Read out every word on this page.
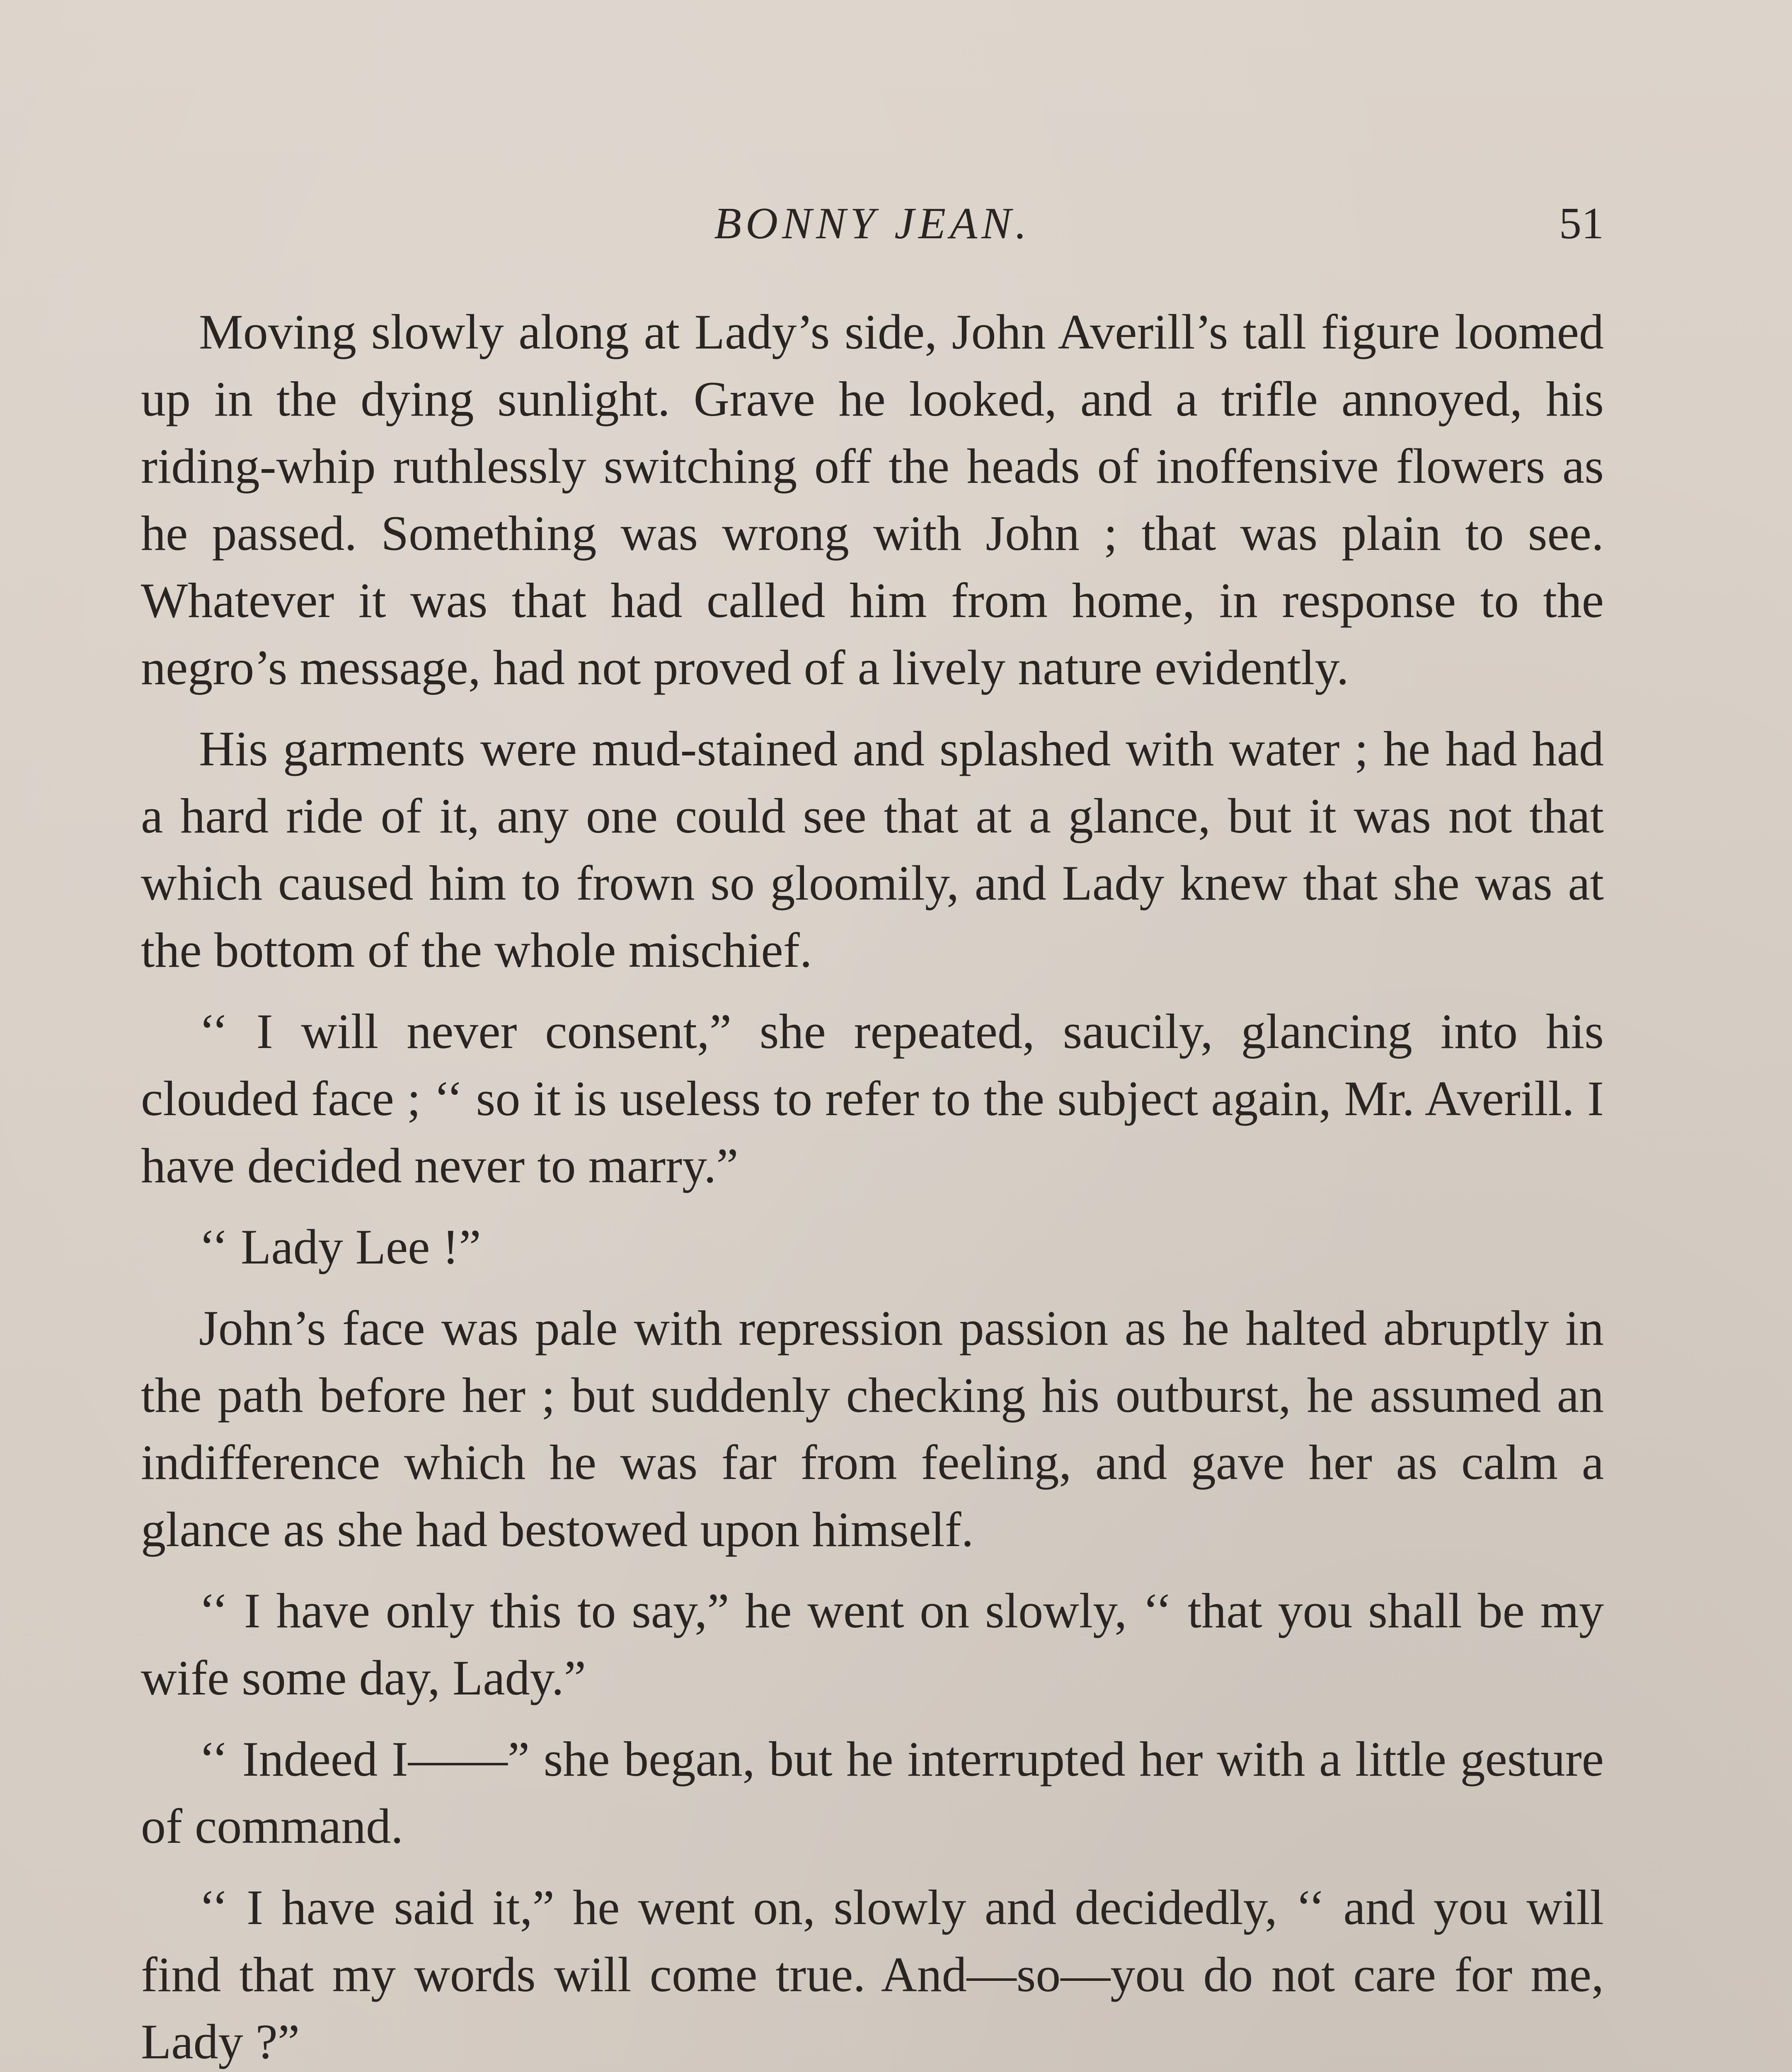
BONNY JEAN.	51

Moving slowly along at Lady’s side, John Averill’s tall figure loomed up in the dying sunlight. Grave he looked, and a trifle annoyed, his riding-whip ruthlessly switching off the heads of inoffensive flowers as he passed. Something was wrong with John ; that was plain to see. Whatever it was that had called him from home, in response to the negro’s message, had not proved of a lively nature evidently.

His garments were mud-stained and splashed with water ; he had had a hard ride of it, any one could see that at a glance, but it was not that which caused him to frown so gloomily, and Lady knew that she was at the bottom of the whole mischief.

‘‘ I will never consent,” she repeated, saucily, glancing into his clouded face ; ‘‘ so it is useless to refer to the subject again, Mr. Averill. I have decided never to marry.”

‘‘ Lady Lee !”

John’s face was pale with repression passion as he halted abruptly in the path before her ; but suddenly checking his outburst, he assumed an indifference which he was far from feeling, and gave her as calm a glance as she had bestowed upon himself.

‘‘ I have only this to say,” he went on slowly, ‘‘ that you shall be my wife some day, Lady.”

‘‘ Indeed I——” she began, but he interrupted her with a little gesture of command.

‘‘ I have said it,” he went on, slowly and decidedly, ‘‘ and you will find that my words will come true. And—so—you do not care for me, Lady ?”
